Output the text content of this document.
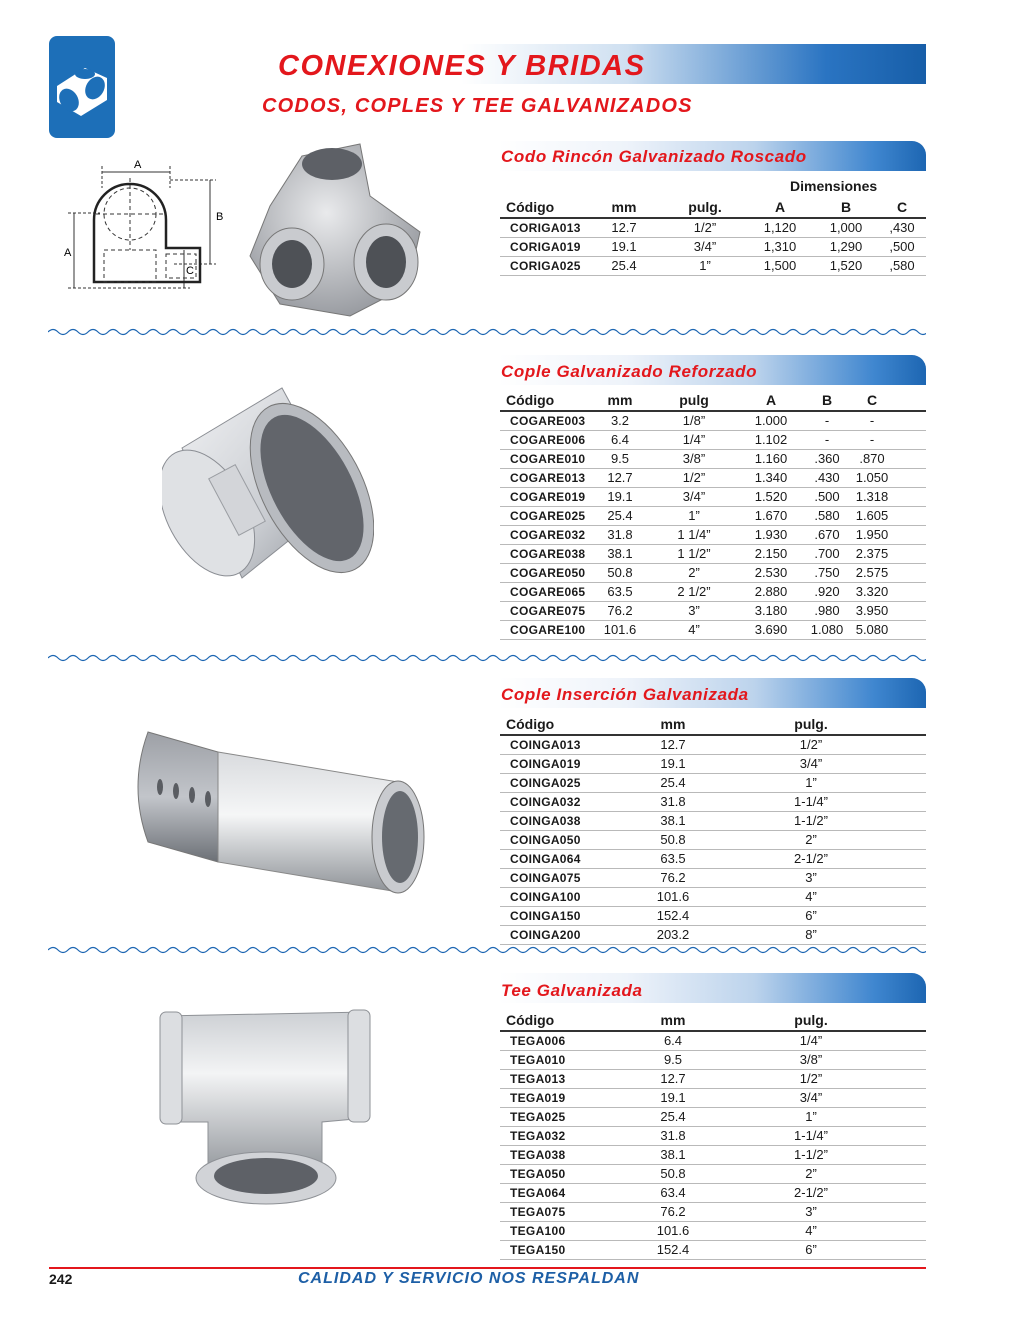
CONEXIONES Y BRIDAS
CODOS, COPLES Y TEE GALVANIZADOS
A
B
A
C
Codo Rincón Galvanizado Roscado
			Dimensiones		
Código	mm	pulg.	A	B	C
CORIGA013	12.7	1/2”	1,120	1,000	,430
CORIGA019	19.1	3/4”	1,310	1,290	,500
CORIGA025	25.4	1”	1,500	1,520	,580
Cople Galvanizado Reforzado
Código	mm	pulg	A	B	C	
COGARE003	3.2	1/8”	1.000	-	-	
COGARE006	6.4	1/4”	1.102	-	-	
COGARE010	9.5	3/8”	1.160	.360	.870	
COGARE013	12.7	1/2”	1.340	.430	1.050	
COGARE019	19.1	3/4”	1.520	.500	1.318	
COGARE025	25.4	1”	1.670	.580	1.605	
COGARE032	31.8	1 1/4”	1.930	.670	1.950	
COGARE038	38.1	1 1/2”	2.150	.700	2.375	
COGARE050	50.8	2”	2.530	.750	2.575	
COGARE065	63.5	2 1/2”	2.880	.920	3.320	
COGARE075	76.2	3”	3.180	.980	3.950	
COGARE100	101.6	4”	3.690	1.080	5.080	
Cople Inserción Galvanizada
Código	mm	pulg.	
COINGA013	12.7	1/2”	
COINGA019	19.1	3/4”	
COINGA025	25.4	1”	
COINGA032	31.8	1-1/4”	
COINGA038	38.1	1-1/2”	
COINGA050	50.8	2”	
COINGA064	63.5	2-1/2”	
COINGA075	76.2	3”	
COINGA100	101.6	4”	
COINGA150	152.4	6”	
COINGA200	203.2	8”	
Tee Galvanizada
Código	mm	pulg.	
TEGA006	6.4	1/4”	
TEGA010	9.5	3/8”	
TEGA013	12.7	1/2”	
TEGA019	19.1	3/4”	
TEGA025	25.4	1”	
TEGA032	31.8	1-1/4”	
TEGA038	38.1	1-1/2”	
TEGA050	50.8	2”	
TEGA064	63.4	2-1/2”	
TEGA075	76.2	3”	
TEGA100	101.6	4”	
TEGA150	152.4	6”	
242	CALIDAD Y SERVICIO NOS RESPALDAN
